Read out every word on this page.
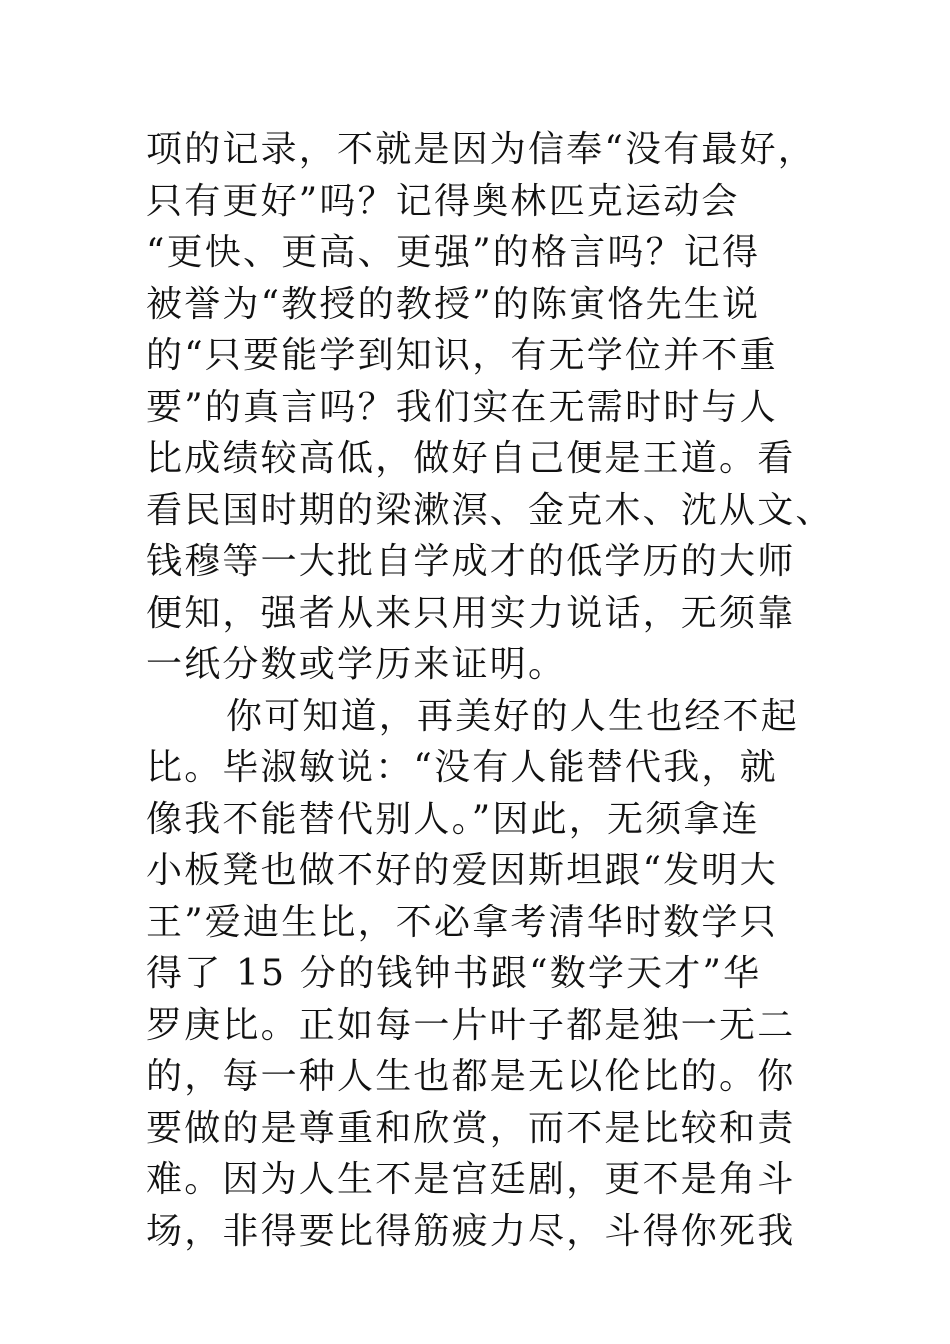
项的记录，不就是因为信奉“没有最好，
只有更好”吗？记得奥林匹克运动会
“更快、更高、更强”的格言吗？记得
被誉为“教授的教授”的陈寅恪先生说
的“只要能学到知识，有无学位并不重
要”的真言吗？我们实在无需时时与人
比成绩较高低，做好自己便是王道。看
看民国时期的梁漱溟、金克木、沈从文、
钱穆等一大批自学成才的低学历的大师
便知，强者从来只用实力说话，无须靠
一纸分数或学历来证明。
你可知道，再美好的人生也经不起
比。毕淑敏说：“没有人能替代我，就
像我不能替代别人。”因此，无须拿连
小板凳也做不好的爱因斯坦跟“发明大
王”爱迪生比，不必拿考清华时数学只
得了 15 分的钱钟书跟“数学天才”华
罗庚比。正如每一片叶子都是独一无二
的，每一种人生也都是无以伦比的。你
要做的是尊重和欣赏，而不是比较和责
难。因为人生不是宫廷剧，更不是角斗
场，非得要比得筋疲力尽，斗得你死我
